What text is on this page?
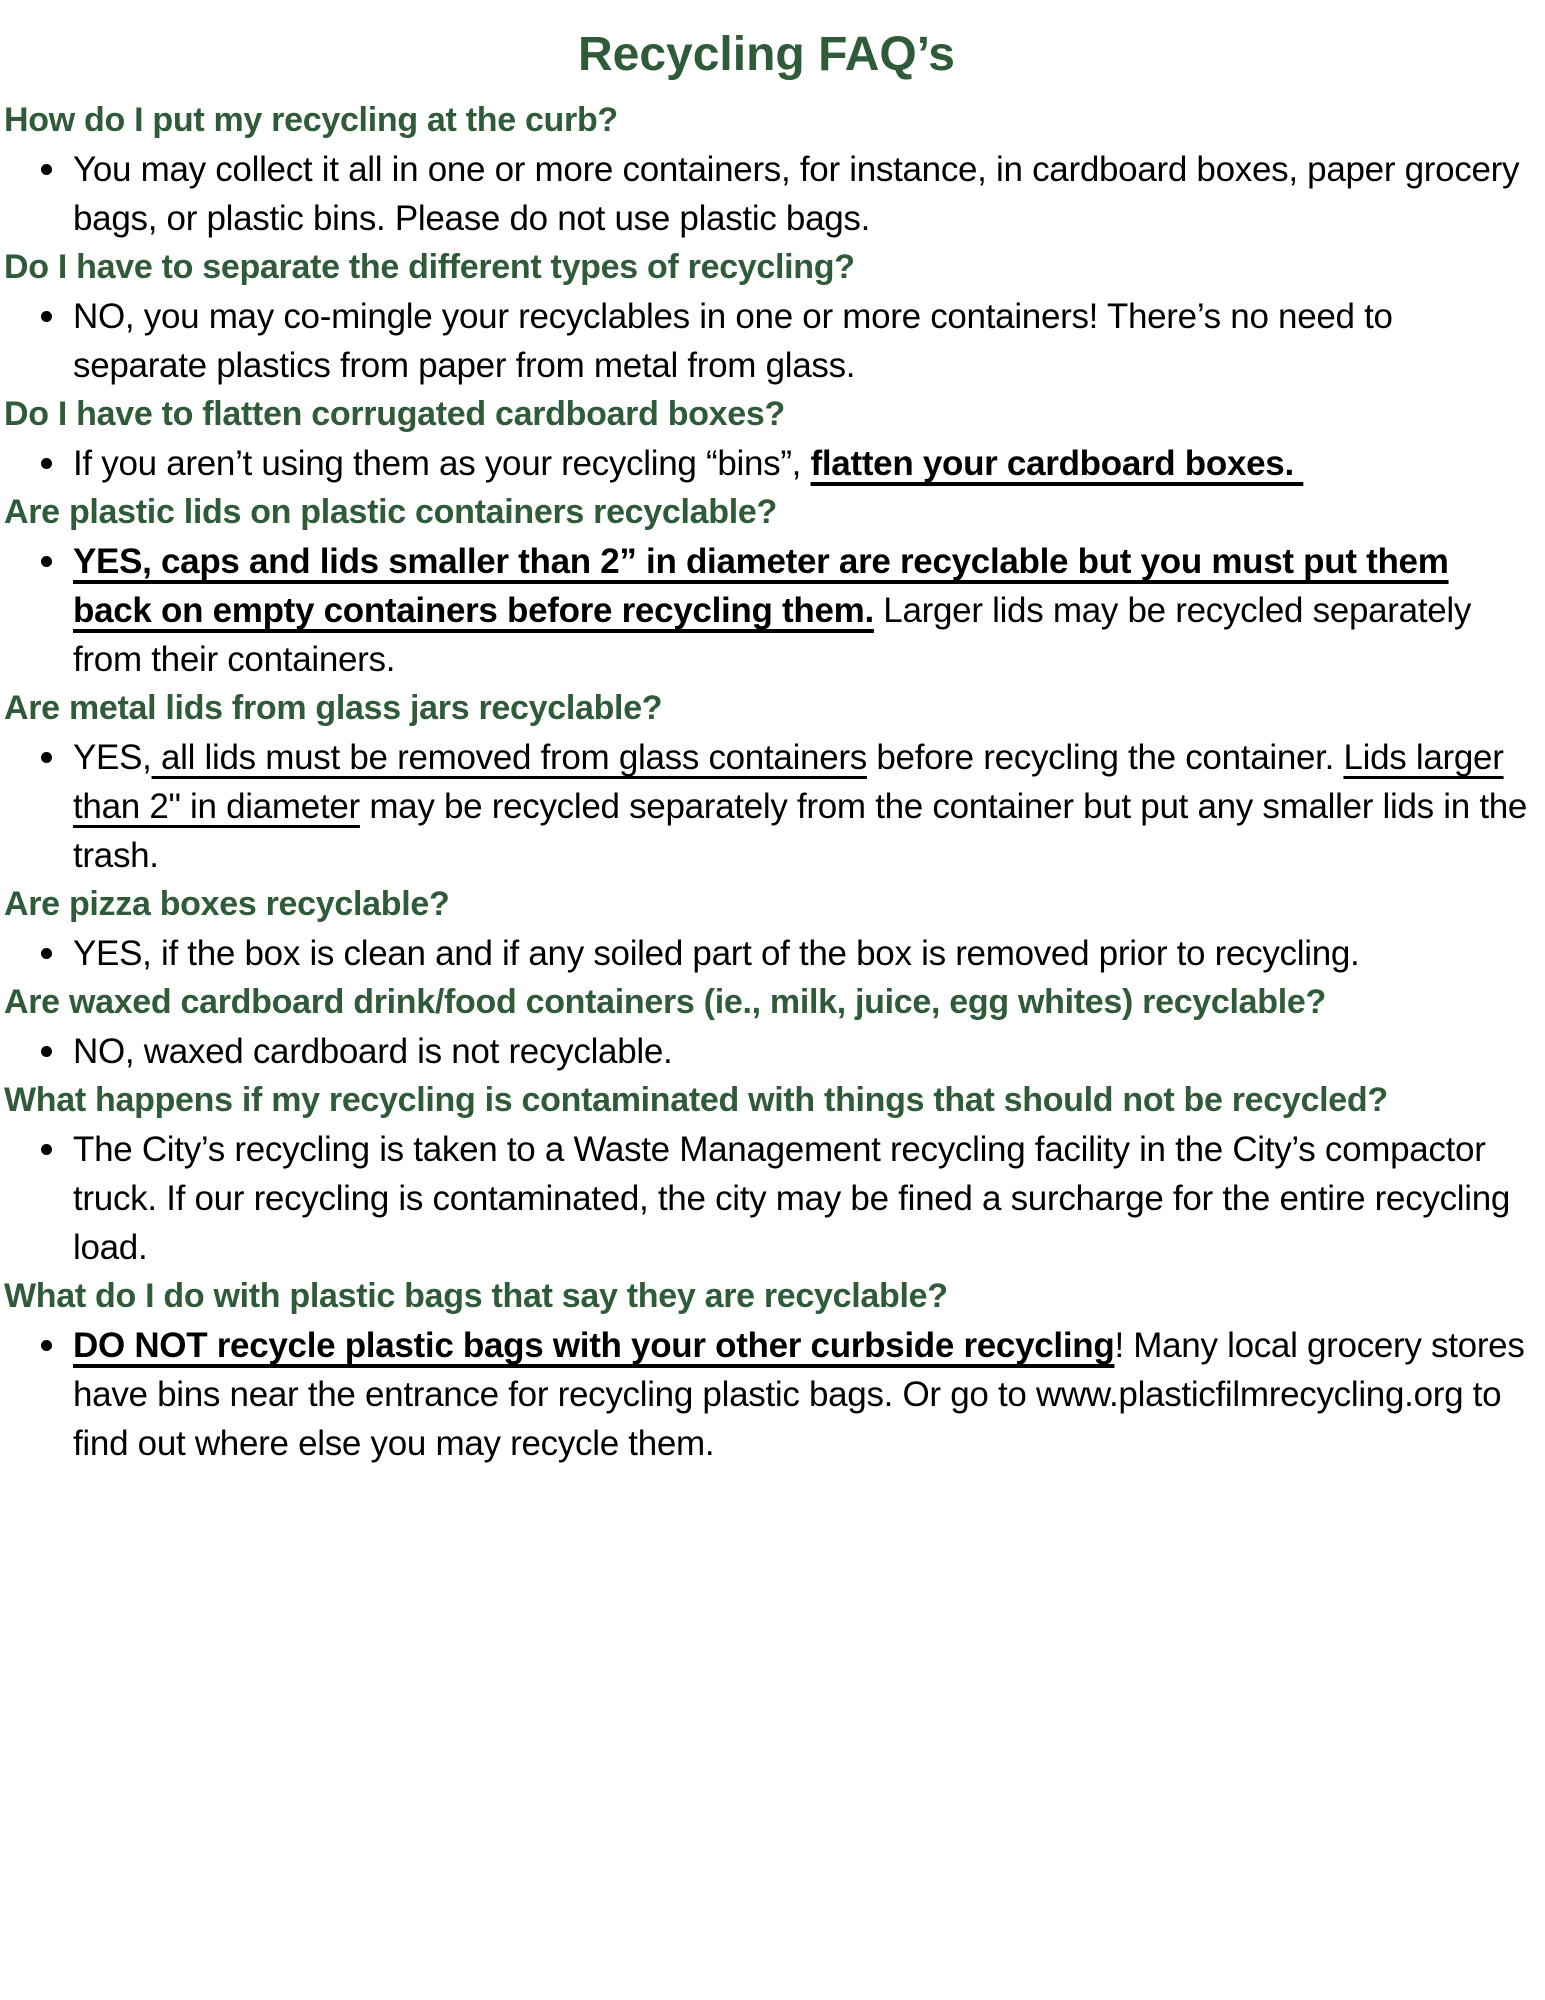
Recycling FAQ’s
How do I put my recycling at the curb?
You may collect it all in one or more containers, for instance, in cardboard boxes, paper grocery bags, or plastic bins. Please do not use plastic bags.
Do I have to separate the different types of recycling?
NO, you may co-mingle your recyclables in one or more containers! There’s no need to separate plastics from paper from metal from glass.
Do I have to flatten corrugated cardboard boxes?
If you aren’t using them as your recycling “bins”, flatten your cardboard boxes.
Are plastic lids on plastic containers recyclable?
YES, caps and lids smaller than 2” in diameter are recyclable but you must put them back on empty containers before recycling them. Larger lids may be recycled separately from their containers.
Are metal lids from glass jars recyclable?
YES, all lids must be removed from glass containers before recycling the container. Lids larger than 2" in diameter may be recycled separately from the container but put any smaller lids in the trash.
Are pizza boxes recyclable?
YES, if the box is clean and if any soiled part of the box is removed prior to recycling.
Are waxed cardboard drink/food containers (ie., milk, juice, egg whites) recyclable?
NO, waxed cardboard is not recyclable.
What happens if my recycling is contaminated with things that should not be recycled?
The City’s recycling is taken to a Waste Management recycling facility in the City’s compactor truck. If our recycling is contaminated, the city may be fined a surcharge for the entire recycling load.
What do I do with plastic bags that say they are recyclable?
DO NOT recycle plastic bags with your other curbside recycling! Many local grocery stores have bins near the entrance for recycling plastic bags. Or go to www.plasticfilmrecycling.org to find out where else you may recycle them.
